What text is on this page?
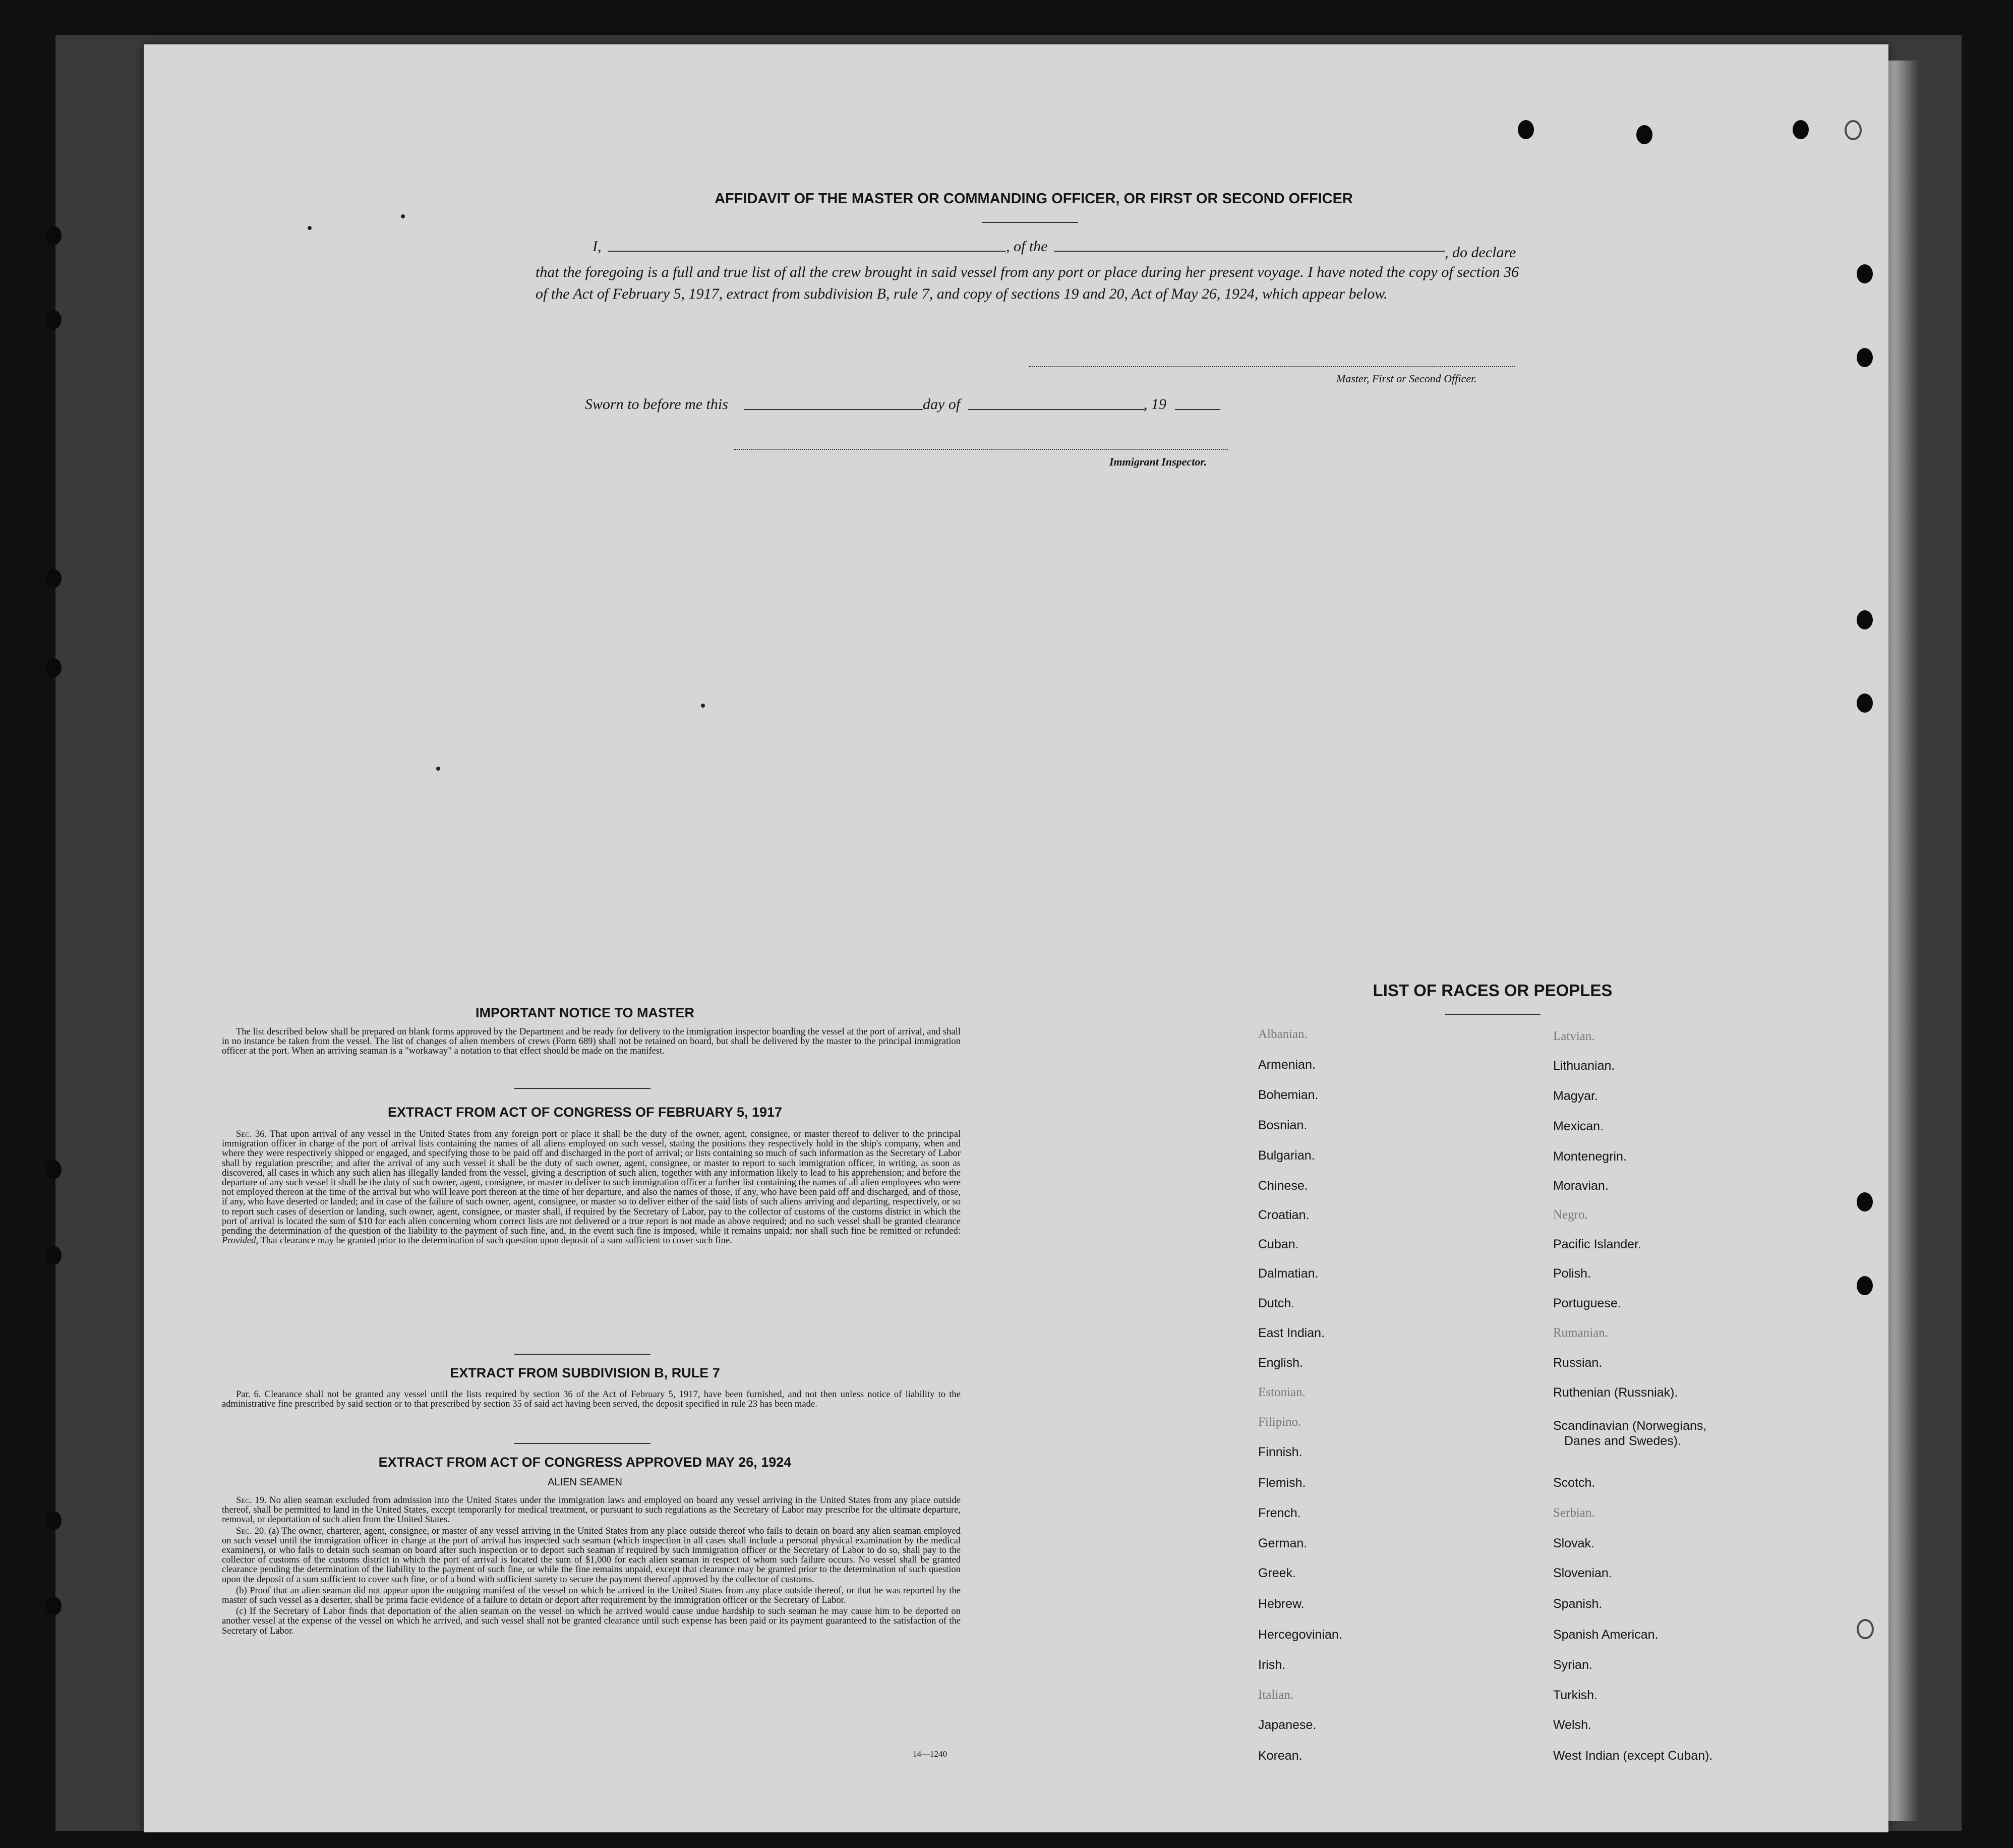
AFFIDAVIT OF THE MASTER OR COMMANDING OFFICER, OR FIRST OR SECOND OFFICER
I,	, of the	, do declare
that the foregoing is a full and true list of all the crew brought in said vessel from any port or place during her present voyage. I have noted the copy of section 36 of the Act of February 5, 1917, extract from subdivision B, rule 7, and copy of sections 19 and 20, Act of May 26, 1924, which appear below.
Master, First or Second Officer.
Sworn to before me this	day of	, 19
Immigrant Inspector.
IMPORTANT NOTICE TO MASTER

The list described below shall be prepared on blank forms approved by the Department and be ready for delivery to the immigration inspector boarding the vessel at the port of arrival, and shall in no instance be taken from the vessel. The list of changes of alien members of crews (Form 689) shall not be retained on board, but shall be delivered by the master to the principal immigration officer at the port. When an arriving seaman is a "workaway" a notation to that effect should be made on the manifest.

EXTRACT FROM ACT OF CONGRESS OF FEBRUARY 5, 1917

Sec. 36. That upon arrival of any vessel in the United States from any foreign port or place it shall be the duty of the owner, agent, consignee, or master thereof to deliver to the principal immigration officer in charge of the port of arrival lists containing the names of all aliens employed on such vessel, stating the positions they respectively hold in the ship's company, when and where they were respectively shipped or engaged, and specifying those to be paid off and discharged in the port of arrival; or lists containing so much of such information as the Secretary of Labor shall by regulation prescribe; and after the arrival of any such vessel it shall be the duty of such owner, agent, consignee, or master to report to such immigration officer, in writing, as soon as discovered, all cases in which any such alien has illegally landed from the vessel, giving a description of such alien, together with any information likely to lead to his apprehension; and before the departure of any such vessel it shall be the duty of such owner, agent, consignee, or master to deliver to such immigration officer a further list containing the names of all alien employees who were not employed thereon at the time of the arrival but who will leave port thereon at the time of her departure, and also the names of those, if any, who have been paid off and discharged, and of those, if any, who have deserted or landed; and in case of the failure of such owner, agent, consignee, or master so to deliver either of the said lists of such aliens arriving and departing, respectively, or so to report such cases of desertion or landing, such owner, agent, consignee, or master shall, if required by the Secretary of Labor, pay to the collector of customs of the customs district in which the port of arrival is located the sum of $10 for each alien concerning whom correct lists are not delivered or a true report is not made as above required; and no such vessel shall be granted clearance pending the determination of the question of the liability to the payment of such fine, and, in the event such fine is imposed, while it remains unpaid; nor shall such fine be remitted or refunded: Provided, That clearance may be granted prior to the determination of such question upon deposit of a sum sufficient to cover such fine.

EXTRACT FROM SUBDIVISION B, RULE 7

Par. 6. Clearance shall not be granted any vessel until the lists required by section 36 of the Act of February 5, 1917, have been furnished, and not then unless notice of liability to the administrative fine prescribed by said section or to that prescribed by section 35 of said act having been served, the deposit specified in rule 23 has been made.

EXTRACT FROM ACT OF CONGRESS APPROVED MAY 26, 1924
ALIEN SEAMEN

Sec. 19. No alien seaman excluded from admission into the United States under the immigration laws and employed on board any vessel arriving in the United States from any place outside thereof, shall be permitted to land in the United States, except temporarily for medical treatment, or pursuant to such regulations as the Secretary of Labor may prescribe for the ultimate departure, removal, or deportation of such alien from the United States.

Sec. 20. (a) The owner, charterer, agent, consignee, or master of any vessel arriving in the United States from any place outside thereof who fails to detain on board any alien seaman employed on such vessel until the immigration officer in charge at the port of arrival has inspected such seaman (which inspection in all cases shall include a personal physical examination by the medical examiners), or who fails to detain such seaman on board after such inspection or to deport such seaman if required by such immigration officer or the Secretary of Labor to do so, shall pay to the collector of customs of the customs district in which the port of arrival is located the sum of $1,000 for each alien seaman in respect of whom such failure occurs. No vessel shall be granted clearance pending the determination of the liability to the payment of such fine, or while the fine remains unpaid, except that clearance may be granted prior to the determination of such question upon the deposit of a sum sufficient to cover such fine, or of a bond with sufficient surety to secure the payment thereof approved by the collector of customs.

(b) Proof that an alien seaman did not appear upon the outgoing manifest of the vessel on which he arrived in the United States from any place outside thereof, or that he was reported by the master of such vessel as a deserter, shall be prima facie evidence of a failure to detain or deport after requirement by the immigration officer or the Secretary of Labor.

(c) If the Secretary of Labor finds that deportation of the alien seaman on the vessel on which he arrived would cause undue hardship to such seaman he may cause him to be deported on another vessel at the expense of the vessel on which he arrived, and such vessel shall not be granted clearance until such expense has been paid or its payment guaranteed to the satisfaction of the Secretary of Labor.

14—1240
LIST OF RACES OR PEOPLES
Albanian.
Armenian.
Bohemian.
Bosnian.
Bulgarian.
Chinese.
Croatian.
Cuban.
Dalmatian.
Dutch.
East Indian.
English.
Estonian.
Filipino.
Finnish.
Flemish.
French.
German.
Greek.
Hebrew.
Hercegovinian.
Irish.
Italian.
Japanese.
Korean.
Latvian.
Lithuanian.
Magyar.
Mexican.
Montenegrin.
Moravian.
Negro.
Pacific Islander.
Polish.
Portuguese.
Rumanian.
Russian.
Ruthenian (Russniak).
Scandinavian (Norwegians,
Danes and Swedes).
Scotch.
Serbian.
Slovak.
Slovenian.
Spanish.
Spanish American.
Syrian.
Turkish.
Welsh.
West Indian (except Cuban).
